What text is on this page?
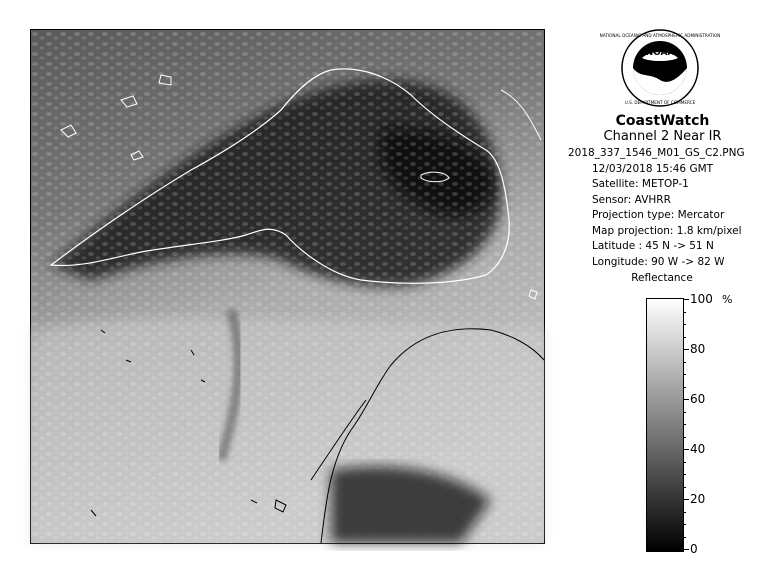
NOAA
NATIONAL OCEANIC AND ATMOSPHERIC ADMINISTRATION
U.S. DEPARTMENT OF COMMERCE
CoastWatch
Channel 2 Near IR
2018_337_1546_M01_GS_C2.PNG
12/03/2018 15:46 GMT
Satellite: METOP-1
Sensor: AVHRR
Projection type: Mercator
Map projection: 1.8 km/pixel
Latitude : 45 N -> 51 N
Longitude: 90 W -> 82 W
Reflectance
%
100
80
60
40
20
0
